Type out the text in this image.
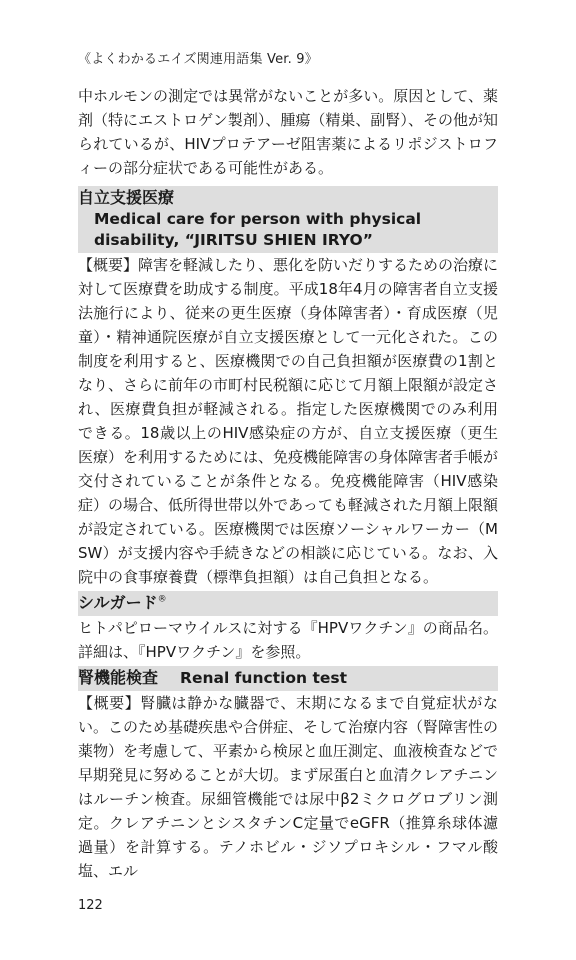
《よくわかるエイズ関連用語集 Ver. 9》

中ホルモンの測定では異常がないことが多い。原因として、薬剤（特にエストロゲン製剤）、腫瘍（精巣、副腎）、その他が知られているが、HIVプロテアーゼ阻害薬によるリポジストロフィーの部分症状である可能性がある。

自立支援医療
Medical care for person with physical disability, “JIRITSU SHIEN IRYO”

【概要】障害を軽減したり、悪化を防いだりするための治療に対して医療費を助成する制度。平成18年4月の障害者自立支援法施行により、従来の更生医療（身体障害者）・育成医療（児童）・精神通院医療が自立支援医療として一元化された。この制度を利用すると、医療機関での自己負担額が医療費の1割となり、さらに前年の市町村民税額に応じて月額上限額が設定され、医療費負担が軽減される。指定した医療機関でのみ利用できる。18歳以上のHIV感染症の方が、自立支援医療（更生医療）を利用するためには、免疫機能障害の身体障害者手帳が交付されていることが条件となる。免疫機能障害（HIV感染症）の場合、低所得世帯以外であっても軽減された月額上限額が設定されている。医療機関では医療ソーシャルワーカー（MSW）が支援内容や手続きなどの相談に応じている。なお、入院中の食事療養費（標準負担額）は自己負担となる。

シルガード®

ヒトパピローマウイルスに対する『HPVワクチン』の商品名。詳細は、『HPVワクチン』を参照。

腎機能検査 Renal function test

【概要】腎臓は静かな臓器で、末期になるまで自覚症状がない。このため基礎疾患や合併症、そして治療内容（腎障害性の薬物）を考慮して、平素から検尿と血圧測定、血液検査などで早期発見に努めることが大切。まず尿蛋白と血清クレアチニンはルーチン検査。尿細管機能では尿中β2ミクログロブリン測定。クレアチニンとシスタチンC定量でeGFR（推算糸球体濾過量）を計算する。テノホビル・ジソプロキシル・フマル酸塩、エル

122
